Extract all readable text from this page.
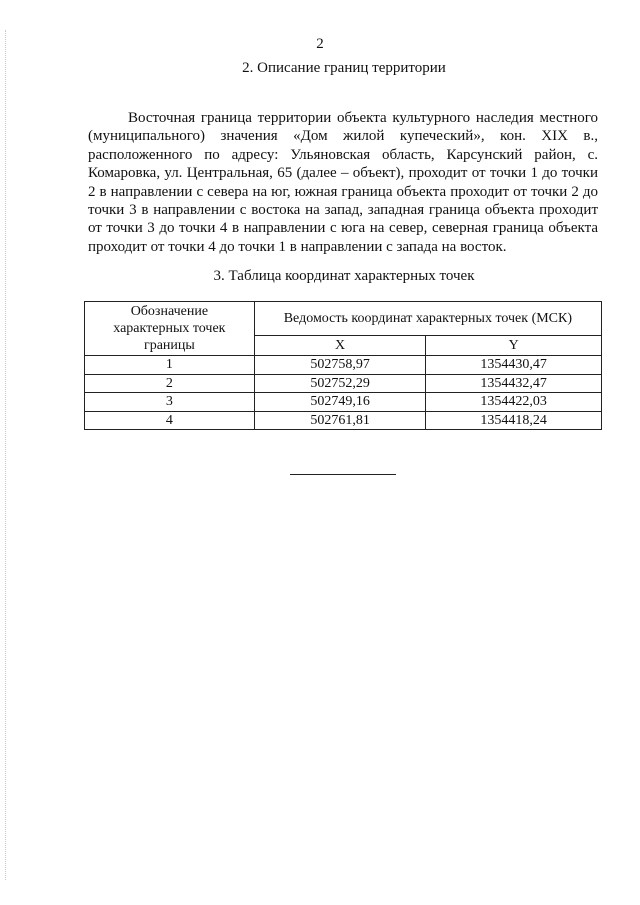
2
2. Описание границ территории

Восточная граница территории объекта культурного наследия местного (муниципального) значения «Дом жилой купеческий», кон. XIX в., расположенного по адресу: Ульяновская область, Карсунский район, с. Комаровка, ул. Центральная, 65 (далее – объект), проходит от точки 1 до точки 2 в направлении с севера на юг, южная граница объекта проходит от точки 2 до точки 3 в направлении с востока на запад, западная граница объекта проходит от точки 3 до точки 4 в направлении с юга на север, северная граница объекта проходит от точки 4 до точки 1 в направлении с запада на восток.

3. Таблица координат характерных точек
Обозначение характерных точек границы	Ведомость координат характерных точек (МСК)	
	X	Y
1	502758,97	1354430,47
2	502752,29	1354432,47
3	502749,16	1354422,03
4	502761,81	1354418,24
